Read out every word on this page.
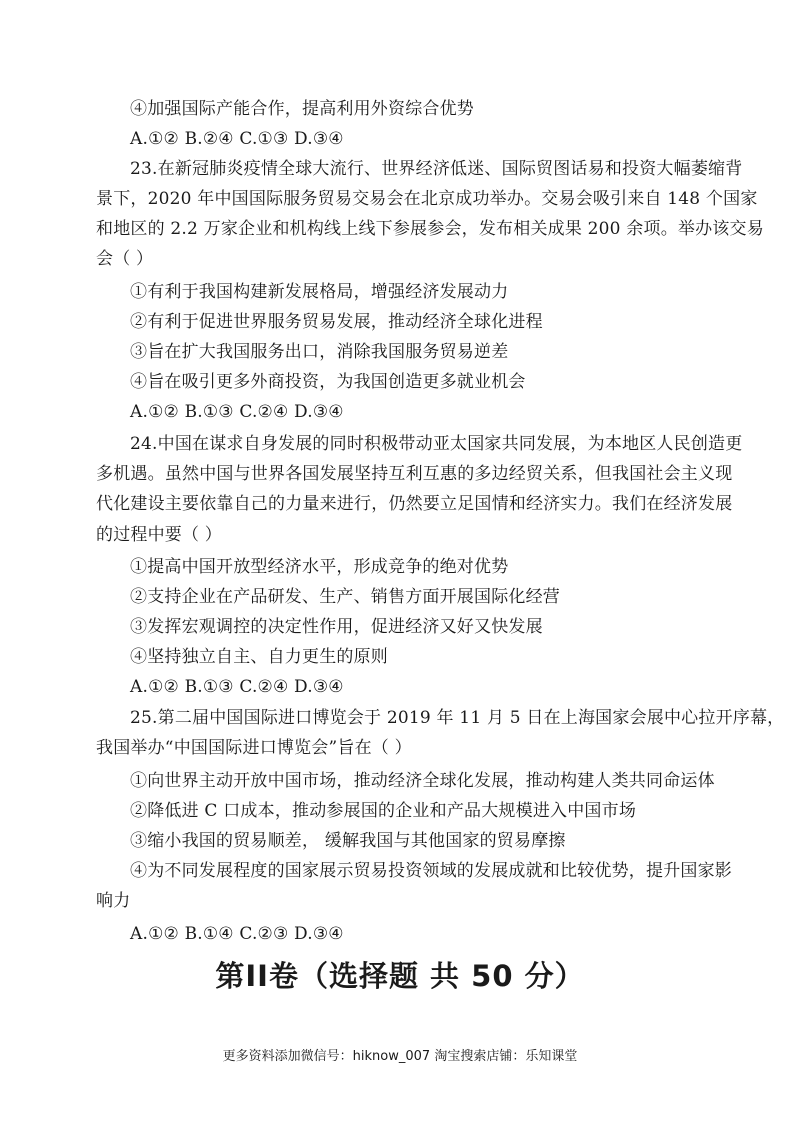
④加强国际产能合作，提高利用外资综合优势
A.①② B.②④ C.①③ D.③④
23.在新冠肺炎疫情全球大流行、世界经济低迷、国际贸图话易和投资大幅萎缩背
景下，2020 年中国国际服务贸易交易会在北京成功举办。交易会吸引来自 148 个国家
和地区的 2.2 万家企业和机构线上线下参展参会，发布相关成果 200 余项。举办该交易
会（ ）
①有利于我国构建新发展格局，增强经济发展动力
②有利于促进世界服务贸易发展，推动经济全球化进程
③旨在扩大我国服务出口，消除我国服务贸易逆差
④旨在吸引更多外商投资，为我国创造更多就业机会
A.①② B.①③ C.②④ D.③④
24.中国在谋求自身发展的同时积极带动亚太国家共同发展，为本地区人民创造更
多机遇。虽然中国与世界各国发展坚持互利互惠的多边经贸关系，但我国社会主义现
代化建设主要依靠自己的力量来进行，仍然要立足国情和经济实力。我们在经济发展
的过程中要（ ）
①提高中国开放型经济水平，形成竞争的绝对优势
②支持企业在产品研发、生产、销售方面开展国际化经营
③发挥宏观调控的决定性作用，促进经济又好又快发展
④坚持独立自主、自力更生的原则
A.①② B.①③ C.②④ D.③④
25.第二届中国国际进口博览会于 2019 年 11 月 5 日在上海国家会展中心拉开序幕，
我国举办“中国国际进口博览会”旨在（ ）
①向世界主动开放中国市场，推动经济全球化发展，推动构建人类共同命运体
②降低进 C 口成本，推动参展国的企业和产品大规模进入中国市场
③缩小我国的贸易顺差， 缓解我国与其他国家的贸易摩擦
④为不同发展程度的国家展示贸易投资领域的发展成就和比较优势，提升国家影
响力
A.①② B.①④ C.②③ D.③④
第II卷（选择题 共 50 分）
更多资料添加微信号：hiknow_007 淘宝搜索店铺：乐知课堂
